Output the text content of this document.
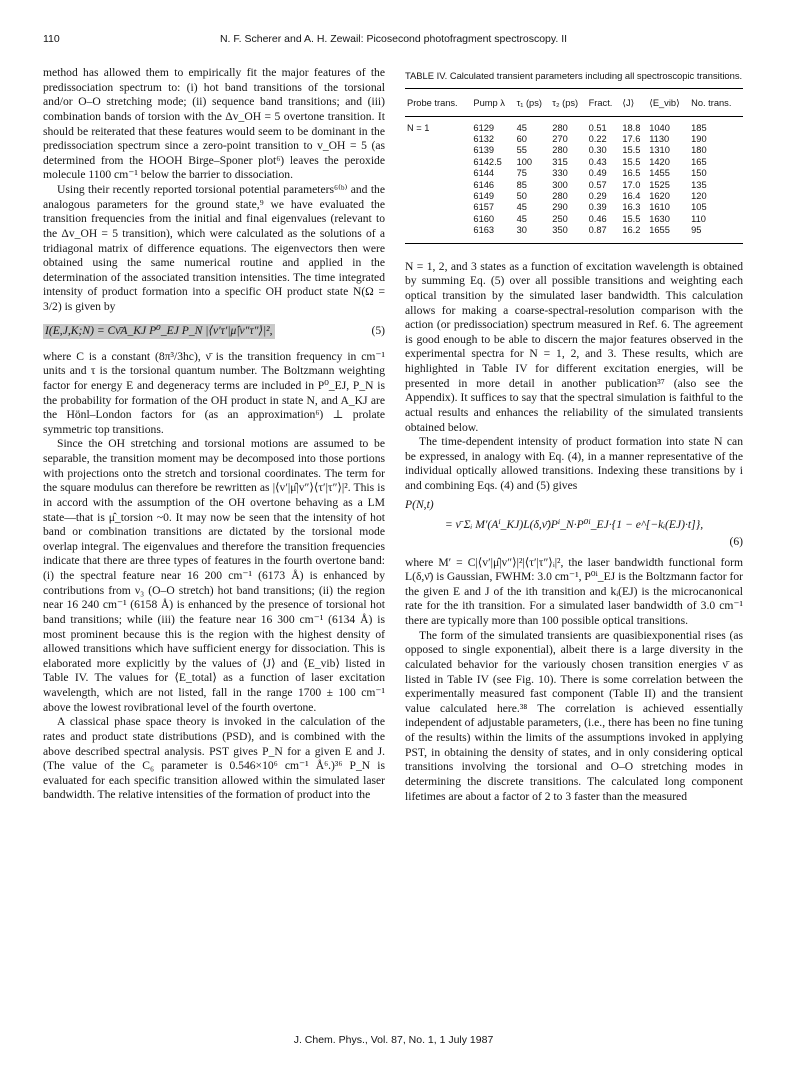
110	N. F. Scherer and A. H. Zewail: Picosecond photofragment spectroscopy. II

method has allowed them to empirically fit the major features of the predissociation spectrum to: (i) hot band transitions of the torsional and/or O–O stretching mode; (ii) sequence band transitions; and (iii) combination bands of torsion with the Δv_OH = 5 overtone transition. It should be reiterated that these features would seem to be dominant in the predissociation spectrum since a zero-point transition to v_OH = 5 (as determined from the HOOH Birge–Sponer plot⁶) leaves the peroxide molecule 1100 cm⁻¹ below the barrier to dissociation.

Using their recently reported torsional potential parameters⁶⁽ᵇ⁾ and the analogous parameters for the ground state,⁹ we have evaluated the transition frequencies from the initial and final eigenvalues (relevant to the Δv_OH = 5 transition), which were calculated as the solutions of a tridiagonal matrix of difference equations. The eigenvectors then were obtained using the same numerical routine and applied in the determination of the associated transition intensities. The time integrated intensity of product formation into a specific OH product state N(Ω = 3/2) is given by

I(E,J,K;N) = Cν̄A_KJ P⁰_EJ P_N |⟨v′τ′|μ̂|v″τ″⟩|²,	(5)

where C is a constant (8π³/3hc), ν̄ is the transition frequency in cm⁻¹ units and τ is the torsional quantum number. The Boltzmann weighting factor for energy E and degeneracy terms are included in P⁰_EJ, P_N is the probability for formation of the OH product in state N, and A_KJ are the Hönl–London factors for (as an approximation⁶) ⊥ prolate symmetric top transitions.

Since the OH stretching and torsional motions are assumed to be separable, the transition moment may be decomposed into those portions with projections onto the stretch and torsional coordinates. The term for the square modulus can therefore be rewritten as |⟨v′|μ̂|v″⟩⟨τ′|τ″⟩|². This is in accord with the assumption of the OH overtone behaving as a LM state—that is μ̂_torsion ~0. It may now be seen that the intensity of hot band or combination transitions are dictated by the torsional mode overlap integral. The eigenvalues and therefore the transition frequencies indicate that there are three types of features in the fourth overtone band: (i) the spectral feature near 16 200 cm⁻¹ (6173 Å) is enhanced by contributions from ν₃ (O–O stretch) hot band transitions; (ii) the region near 16 240 cm⁻¹ (6158 Å) is enhanced by the presence of torsional hot band transitions; while (iii) the feature near 16 300 cm⁻¹ (6134 Å) is most prominent because this is the region with the highest density of allowed transitions which have sufficient energy for dissociation. This is elaborated more explicitly by the values of ⟨J⟩ and ⟨E_vib⟩ listed in Table IV. The values for ⟨E_total⟩ as a function of laser excitation wavelength, which are not listed, fall in the range 1700 ± 100 cm⁻¹ above the lowest rovibrational level of the fourth overtone.

A classical phase space theory is invoked in the calculation of the rates and product state distributions (PSD), and is combined with the above described spectral analysis. PST gives P_N for a given E and J. (The value of the C₆ parameter is 0.546×10⁶ cm⁻¹ Å⁶.)³⁶ P_N is evaluated for each specific transition allowed within the simulated laser bandwidth. The relative intensities of the formation of product into the

TABLE IV. Calculated transient parameters including all spectroscopic transitions.
Probe trans.	Pump λ	τ₁ (ps)	τ₂ (ps)	Fract.	⟨J⟩	⟨E_vib⟩	No. trans.
N = 1	6129	45	280	0.51	18.8	1040	185
	6132	60	270	0.22	17.6	1130	190
	6139	55	280	0.30	15.5	1310	180
	6142.5	100	315	0.43	15.5	1420	165
	6144	75	330	0.49	16.5	1455	150
	6146	85	300	0.57	17.0	1525	135
	6149	50	280	0.29	16.4	1620	120
	6157	45	290	0.39	16.3	1610	105
	6160	45	250	0.46	15.5	1630	110
	6163	30	350	0.87	16.2	1655	95

N = 1, 2, and 3 states as a function of excitation wavelength is obtained by summing Eq. (5) over all possible transitions and weighting each optical transition by the simulated laser bandwidth. This calculation allows for making a coarse-spectral-resolution comparison with the action (or predissociation) spectrum measured in Ref. 6. The agreement is good enough to be able to discern the major features observed in the experimental spectra for N = 1, 2, and 3. These results, which are highlighted in Table IV for different excitation energies, will be presented in more detail in another publication³⁷ (also see the Appendix). It suffices to say that the spectral simulation is faithful to the actual results and enhances the reliability of the simulated transients obtained below.

The time-dependent intensity of product formation into state N can be expressed, in analogy with Eq. (4), in a manner representative of the individual optically allowed transitions. Indexing these transitions by i and combining Eqs. (4) and (5) gives

P(N,t)
= ν̄ Σᵢ M′(Aⁱ_KJ)L(δ,ν̄)Pⁱ_N·P⁰ⁱ_EJ·{1 − e^[−kᵢ(EJ)·t]},
(6)

where M′ = C|⟨v′|μ̂|v″⟩|²|⟨τ′|τ″⟩ᵢ|², the laser bandwidth functional form L(δ,ν̄) is Gaussian, FWHM: 3.0 cm⁻¹, P⁰ⁱ_EJ is the Boltzmann factor for the given E and J of the ith transition and kᵢ(EJ) is the microcanonical rate for the ith transition. For a simulated laser bandwidth of 3.0 cm⁻¹ there are typically more than 100 possible optical transitions.

The form of the simulated transients are quasibiexponential rises (as opposed to single exponential), albeit there is a large diversity in the calculated behavior for the variously chosen transition energies ν̄ as listed in Table IV (see Fig. 10). There is some correlation between the experimentally measured fast component (Table II) and the transient value calculated here.³⁸ The correlation is achieved essentially independent of adjustable parameters, (i.e., there has been no fine tuning of the results) within the limits of the assumptions invoked in applying PST, in obtaining the density of states, and in only considering optical transitions involving the torsional and O–O stretching modes in determining the discrete transitions. The calculated long component lifetimes are about a factor of 2 to 3 faster than the measured

J. Chem. Phys., Vol. 87, No. 1, 1 July 1987
